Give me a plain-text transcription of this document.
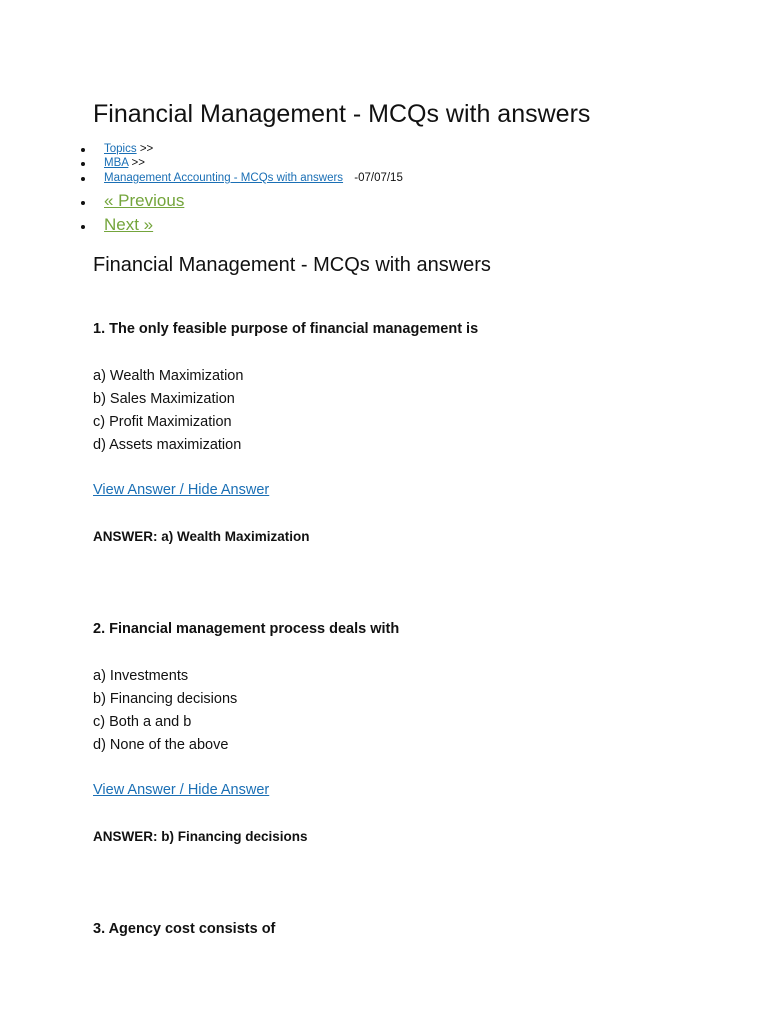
Financial Management - MCQs with answers
Topics >>
MBA >>
Management Accounting - MCQs with answers -07/07/15
« Previous
Next »
Financial Management - MCQs with answers

1. The only feasible purpose of financial management is

a) Wealth Maximization
b) Sales Maximization
c) Profit Maximization
d) Assets maximization
View Answer / Hide Answer

ANSWER: a) Wealth Maximization

2. Financial management process deals with

a) Investments
b) Financing decisions
c) Both a and b
d) None of the above
View Answer / Hide Answer

ANSWER: b) Financing decisions

3. Agency cost consists of
